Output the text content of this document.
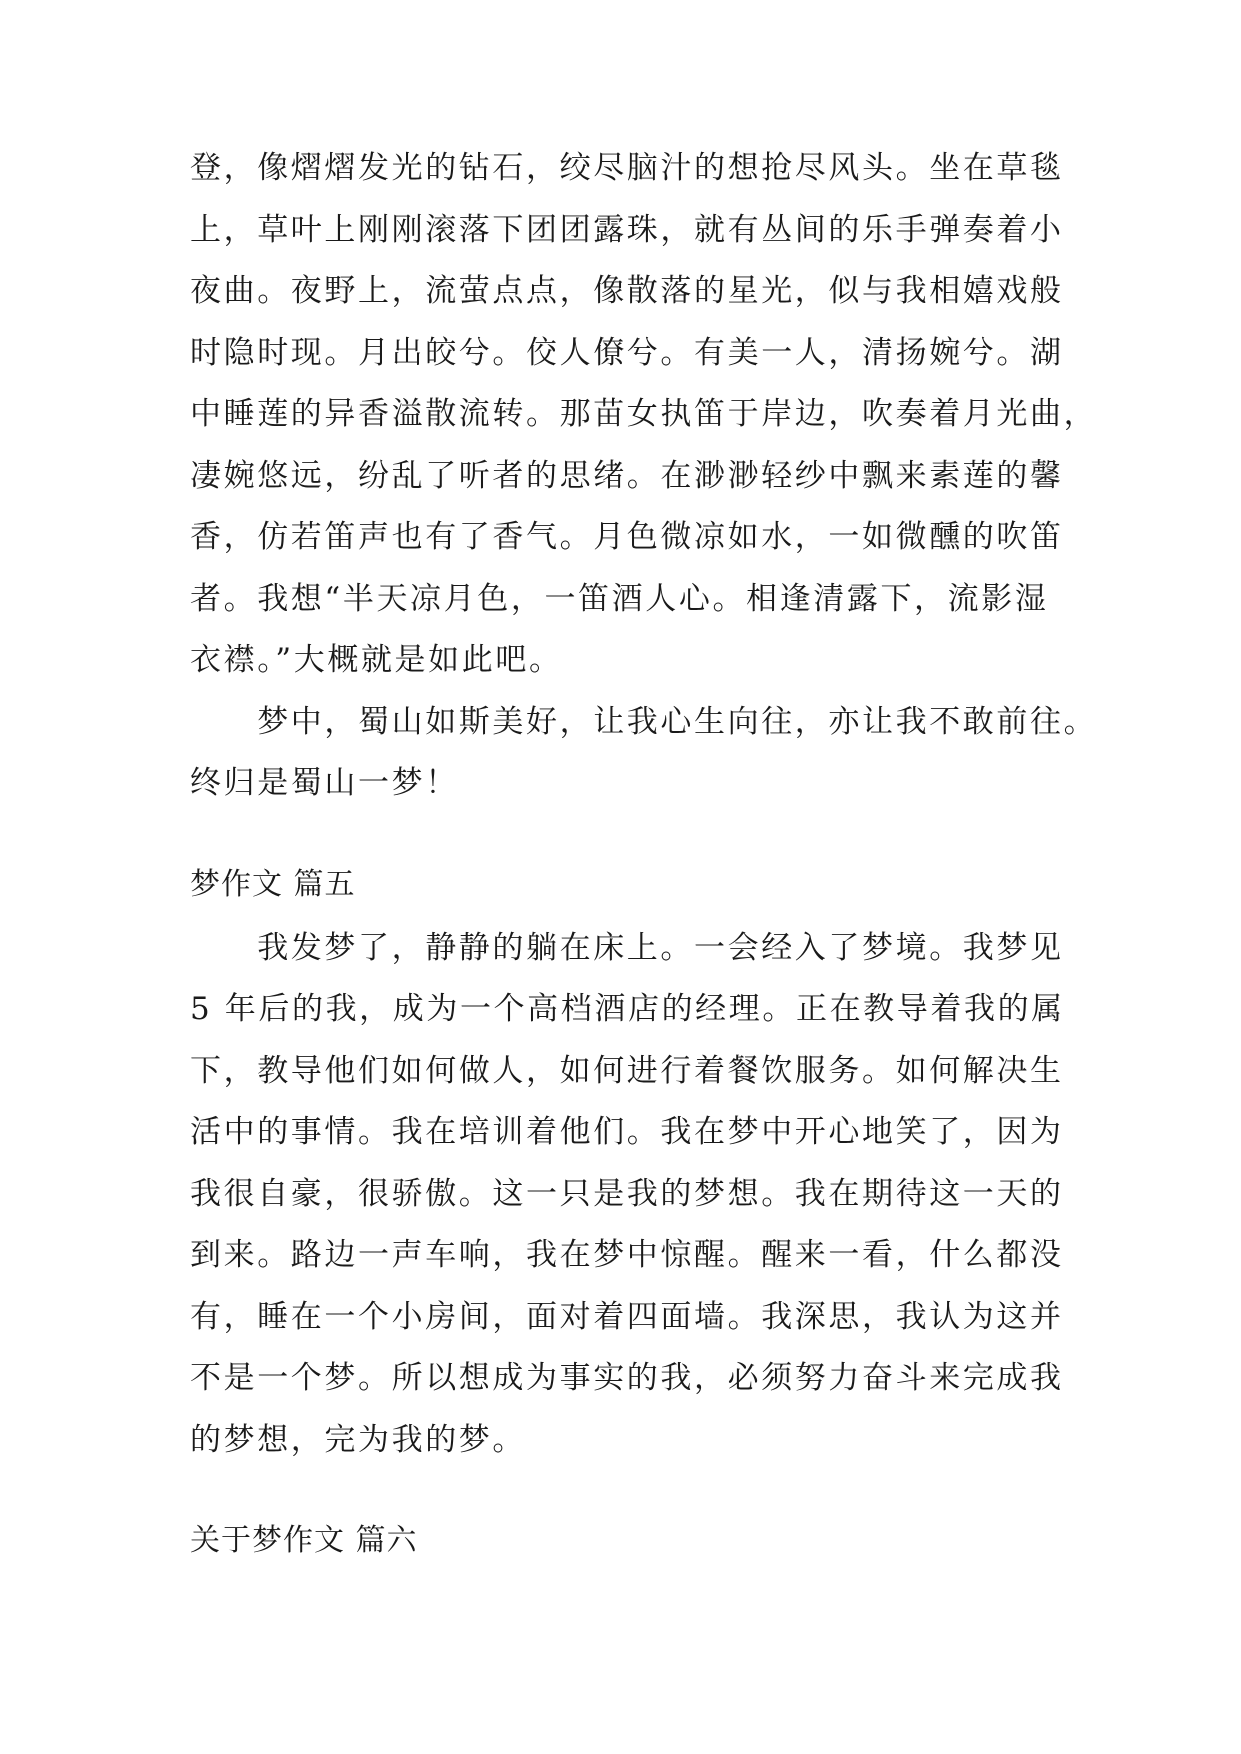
登，像熠熠发光的钻石，绞尽脑汁的想抢尽风头。坐在草毯

上，草叶上刚刚滚落下团团露珠，就有丛间的乐手弹奏着小

夜曲。夜野上，流萤点点，像散落的星光，似与我相嬉戏般

时隐时现。月出皎兮。佼人僚兮。有美一人，清扬婉兮。湖

中睡莲的异香溢散流转。那苗女执笛于岸边，吹奏着月光曲，

凄婉悠远，纷乱了听者的思绪。在渺渺轻纱中飘来素莲的馨

香，仿若笛声也有了香气。月色微凉如水，一如微醺的吹笛

者。我想“半天凉月色，一笛酒人心。相逢清露下，流影湿

衣襟。”大概就是如此吧。

　　梦中，蜀山如斯美好，让我心生向往，亦让我不敢前往。

终归是蜀山一梦！

梦作文 篇五

　　我发梦了，静静的躺在床上。一会经入了梦境。我梦见

5 年后的我，成为一个高档酒店的经理。正在教导着我的属

下，教导他们如何做人，如何进行着餐饮服务。如何解决生

活中的事情。我在培训着他们。我在梦中开心地笑了，因为

我很自豪，很骄傲。这一只是我的梦想。我在期待这一天的

到来。路边一声车响，我在梦中惊醒。醒来一看，什么都没

有，睡在一个小房间，面对着四面墙。我深思，我认为这并

不是一个梦。所以想成为事实的我，必须努力奋斗来完成我

的梦想，完为我的梦。

关于梦作文 篇六
